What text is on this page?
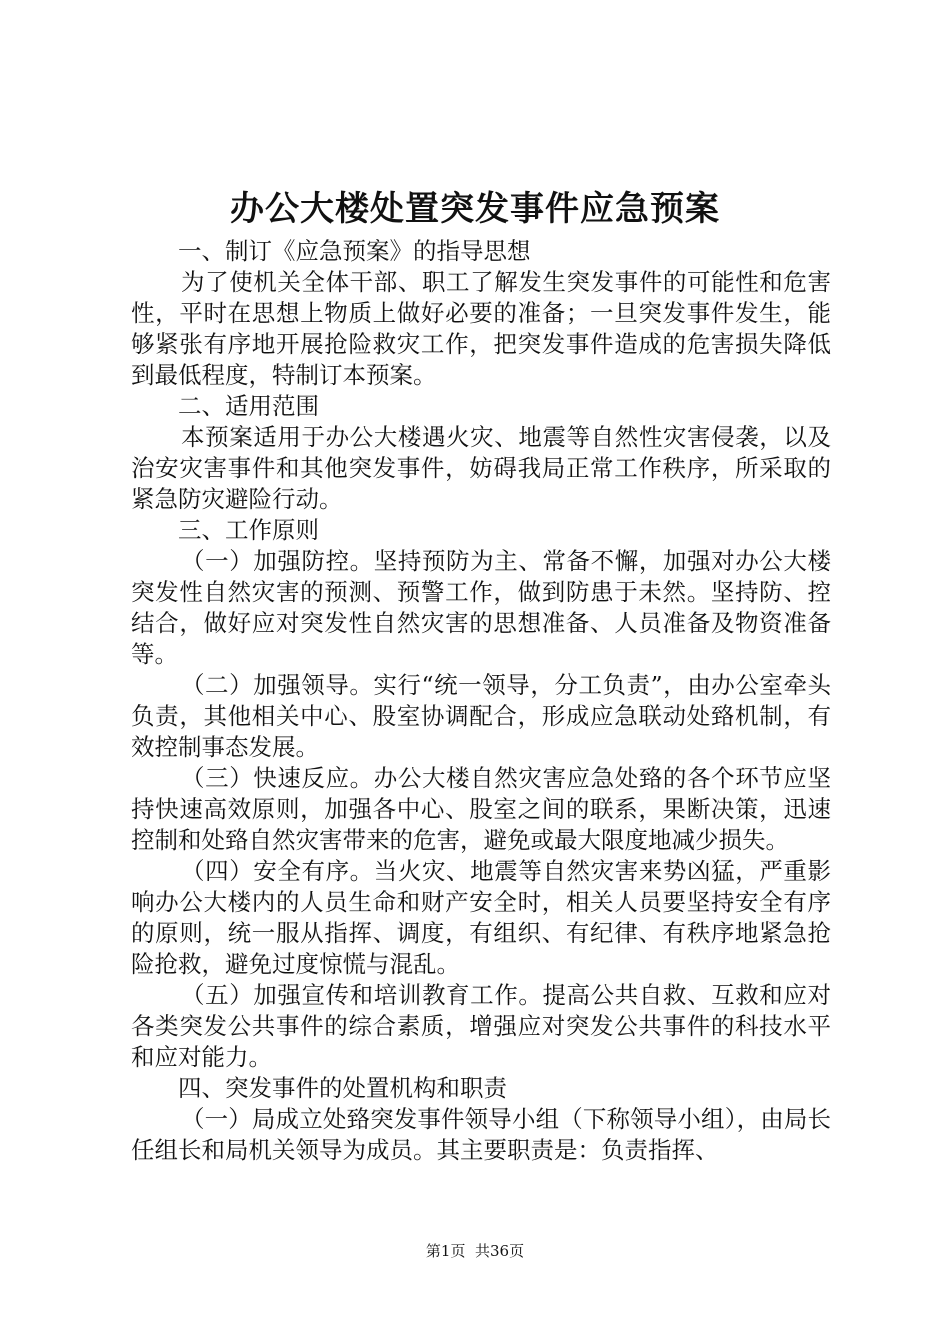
办公大楼处置突发事件应急预案

一、制订《应急预案》的指导思想

为了使机关全体干部、职工了解发生突发事件的可能性和危害性，平时在思想上物质上做好必要的准备；一旦突发事件发生，能够紧张有序地开展抢险救灾工作，把突发事件造成的危害损失降低到最低程度，特制订本预案。

二、适用范围

本预案适用于办公大楼遇火灾、地震等自然性灾害侵袭，以及治安灾害事件和其他突发事件，妨碍我局正常工作秩序，所采取的紧急防灾避险行动。

三、工作原则

（一）加强防控。坚持预防为主、常备不懈，加强对办公大楼突发性自然灾害的预测、预警工作，做到防患于未然。坚持防、控结合，做好应对突发性自然灾害的思想准备、人员准备及物资准备等。

（二）加强领导。实行“统一领导，分工负责”，由办公室牵头负责，其他相关中心、股室协调配合，形成应急联动处臵机制，有效控制事态发展。

（三）快速反应。办公大楼自然灾害应急处臵的各个环节应坚持快速高效原则，加强各中心、股室之间的联系，果断决策，迅速控制和处臵自然灾害带来的危害，避免或最大限度地减少损失。

（四）安全有序。当火灾、地震等自然灾害来势凶猛，严重影响办公大楼内的人员生命和财产安全时，相关人员要坚持安全有序的原则，统一服从指挥、调度，有组织、有纪律、有秩序地紧急抢险抢救，避免过度惊慌与混乱。

（五）加强宣传和培训教育工作。提高公共自救、互救和应对各类突发公共事件的综合素质，增强应对突发公共事件的科技水平和应对能力。

四、突发事件的处置机构和职责

（一）局成立处臵突发事件领导小组（下称领导小组），由局长任组长和局机关领导为成员。其主要职责是：负责指挥、

第1页 共36页
